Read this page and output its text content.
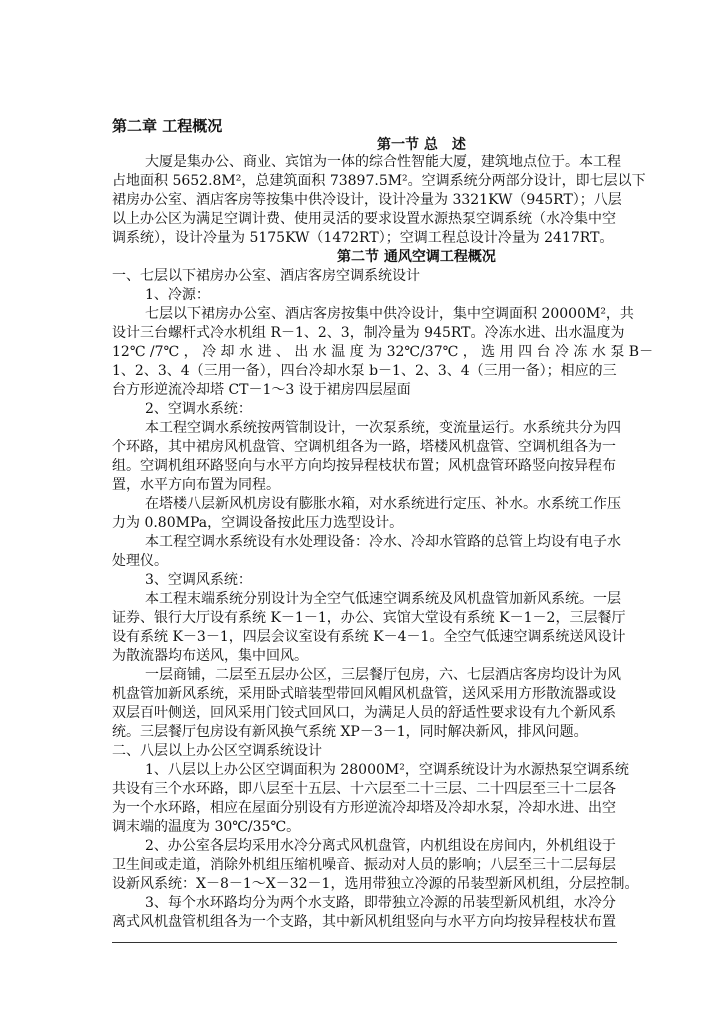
第二章 工程概况
第一节 总　述
大厦是集办公、商业、宾馆为一体的综合性智能大厦，建筑地点位于。本工程
占地面积 5652.8M²，总建筑面积 73897.5M²。空调系统分两部分设计，即七层以下
裙房办公室、酒店客房等按集中供冷设计，设计冷量为 3321KW（945RT）；八层
以上办公区为满足空调计费、使用灵活的要求设置水源热泵空调系统（水冷集中空
调系统），设计冷量为 5175KW（1472RT）；空调工程总设计冷量为 2417RT。
第二节 通风空调工程概况
一、七层以下裙房办公室、酒店客房空调系统设计
1、冷源：
七层以下裙房办公室、酒店客房按集中供冷设计，集中空调面积 20000M²，共
设计三台螺杆式冷水机组 R－1、2、3，制冷量为 945RT。冷冻水进、出水温度为
12℃ /7℃ ， 冷 却 水 进 、 出 水 温 度 为 32℃/37℃ ， 选 用 四 台 冷 冻 水 泵 B－
1、2、3、4（三用一备），四台冷却水泵 b－1、2、3、4（三用一备）；相应的三
台方形逆流冷却塔 CT－1～3 设于裙房四层屋面
2、空调水系统：
本工程空调水系统按两管制设计，一次泵系统，变流量运行。水系统共分为四
个环路，其中裙房风机盘管、空调机组各为一路，塔楼风机盘管、空调机组各为一
组。空调机组环路竖向与水平方向均按异程枝状布置；风机盘管环路竖向按异程布
置，水平方向布置为同程。
在塔楼八层新风机房设有膨胀水箱，对水系统进行定压、补水。水系统工作压
力为 0.80MPa，空调设备按此压力选型设计。
本工程空调水系统设有水处理设备：冷水、冷却水管路的总管上均设有电子水
处理仪。
3、空调风系统：
本工程末端系统分别设计为全空气低速空调系统及风机盘管加新风系统。一层
证券、银行大厅设有系统 K－1－1，办公、宾馆大堂设有系统 K－1－2，三层餐厅
设有系统 K－3－1，四层会议室设有系统 K－4－1。全空气低速空调系统送风设计
为散流器均布送风，集中回风。
一层商铺，二层至五层办公区，三层餐厅包房，六、七层酒店客房均设计为风
机盘管加新风系统，采用卧式暗装型带回风帽风机盘管，送风采用方形散流器或设
双层百叶侧送，回风采用门铰式回风口，为满足人员的舒适性要求设有九个新风系
统。三层餐厅包房设有新风换气系统 XP－3－1，同时解决新风，排风问题。
二、八层以上办公区空调系统设计
1、八层以上办公区空调面积为 28000M²，空调系统设计为水源热泵空调系统
共设有三个水环路，即八层至十五层、十六层至二十三层、二十四层至三十二层各
为一个水环路，相应在屋面分别设有方形逆流冷却塔及冷却水泵，冷却水进、出空
调末端的温度为 30℃/35℃。
2、办公室各层均采用水冷分离式风机盘管，内机组设在房间内，外机组设于
卫生间或走道，消除外机组压缩机噪音、振动对人员的影响；八层至三十二层每层
设新风系统：X－8－1～X－32－1，选用带独立冷源的吊装型新风机组，分层控制。
3、每个水环路均分为两个水支路，即带独立冷源的吊装型新风机组，水冷分
离式风机盘管机组各为一个支路，其中新风机组竖向与水平方向均按异程枝状布置
